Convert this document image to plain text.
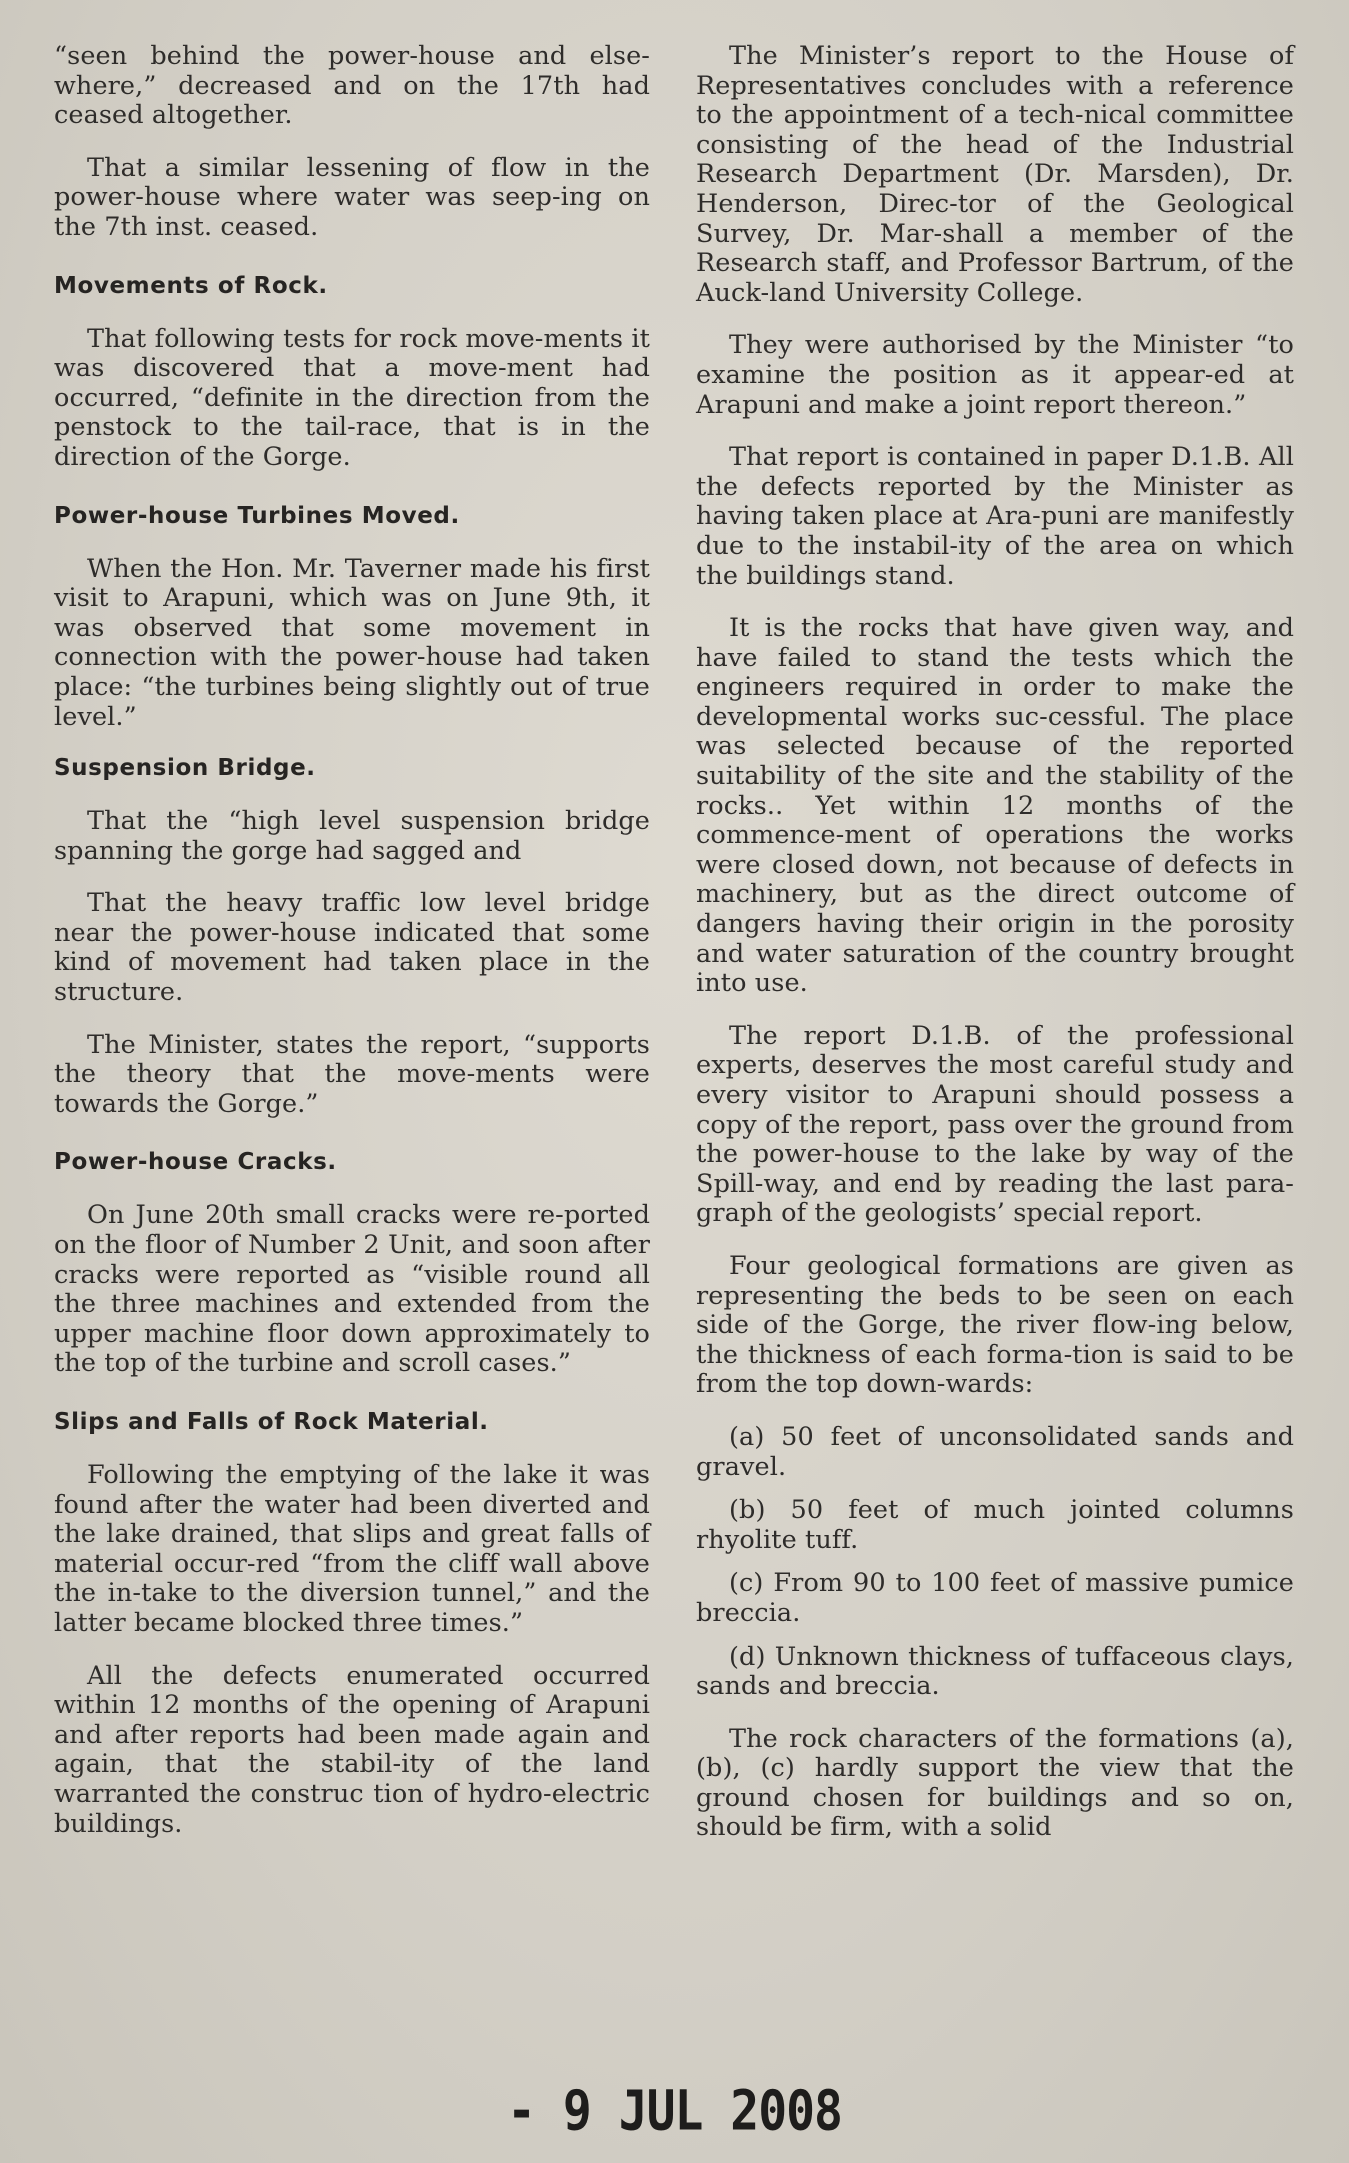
“seen behind the power-house and else-where,” decreased and on the 17th had ceased altogether.

That a similar lessening of flow in the power-house where water was seep-ing on the 7th inst. ceased.

Movements of Rock.

That following tests for rock move-ments it was discovered that a move-ment had occurred, “definite in the direction from the penstock to the tail-race, that is in the direction of the Gorge.

Power-house Turbines Moved.

When the Hon. Mr. Taverner made his first visit to Arapuni, which was on June 9th, it was observed that some movement in connection with the power-house had taken place: “the turbines being slightly out of true level.”

Suspension Bridge.

That the “high level suspension bridge spanning the gorge had sagged and

That the heavy traffic low level bridge near the power-house indicated that some kind of movement had taken place in the structure.

The Minister, states the report, “supports the theory that the move-ments were towards the Gorge.”

Power-house Cracks.

On June 20th small cracks were re-ported on the floor of Number 2 Unit, and soon after cracks were reported as “visible round all the three machines and extended from the upper machine floor down approximately to the top of the turbine and scroll cases.”

Slips and Falls of Rock Material.

Following the emptying of the lake it was found after the water had been diverted and the lake drained, that slips and great falls of material occur-red “from the cliff wall above the in-take to the diversion tunnel,” and the latter became blocked three times.”

All the defects enumerated occurred within 12 months of the opening of Arapuni and after reports had been made again and again, that the stabil-ity of the land warranted the construc tion of hydro-electric buildings.

The Minister’s report to the House of Representatives concludes with a reference to the appointment of a tech-nical committee consisting of the head of the Industrial Research Department (Dr. Marsden), Dr. Henderson, Direc-tor of the Geological Survey, Dr. Mar-shall a member of the Research staff, and Professor Bartrum, of the Auck-land University College.

They were authorised by the Minister “to examine the position as it appear-ed at Arapuni and make a joint report thereon.”

That report is contained in paper D.1.B. All the defects reported by the Minister as having taken place at Ara-puni are manifestly due to the instabil-ity of the area on which the buildings stand.

It is the rocks that have given way, and have failed to stand the tests which the engineers required in order to make the developmental works suc-cessful. The place was selected because of the reported suitability of the site and the stability of the rocks.. Yet within 12 months of the commence-ment of operations the works were closed down, not because of defects in machinery, but as the direct outcome of dangers having their origin in the porosity and water saturation of the country brought into use.

The report D.1.B. of the professional experts, deserves the most careful study and every visitor to Arapuni should possess a copy of the report, pass over the ground from the power-house to the lake by way of the Spill-way, and end by reading the last para-graph of the geologists’ special report.

Four geological formations are given as representing the beds to be seen on each side of the Gorge, the river flow-ing below, the thickness of each forma-tion is said to be from the top down-wards:

(a) 50 feet of unconsolidated sands and gravel.

(b) 50 feet of much jointed columns rhyolite tuff.

(c) From 90 to 100 feet of massive pumice breccia.

(d) Unknown thickness of tuffaceous clays, sands and breccia.

The rock characters of the formations (a), (b), (c) hardly support the view that the ground chosen for buildings and so on, should be firm, with a solid

- 9 JUL 2008
